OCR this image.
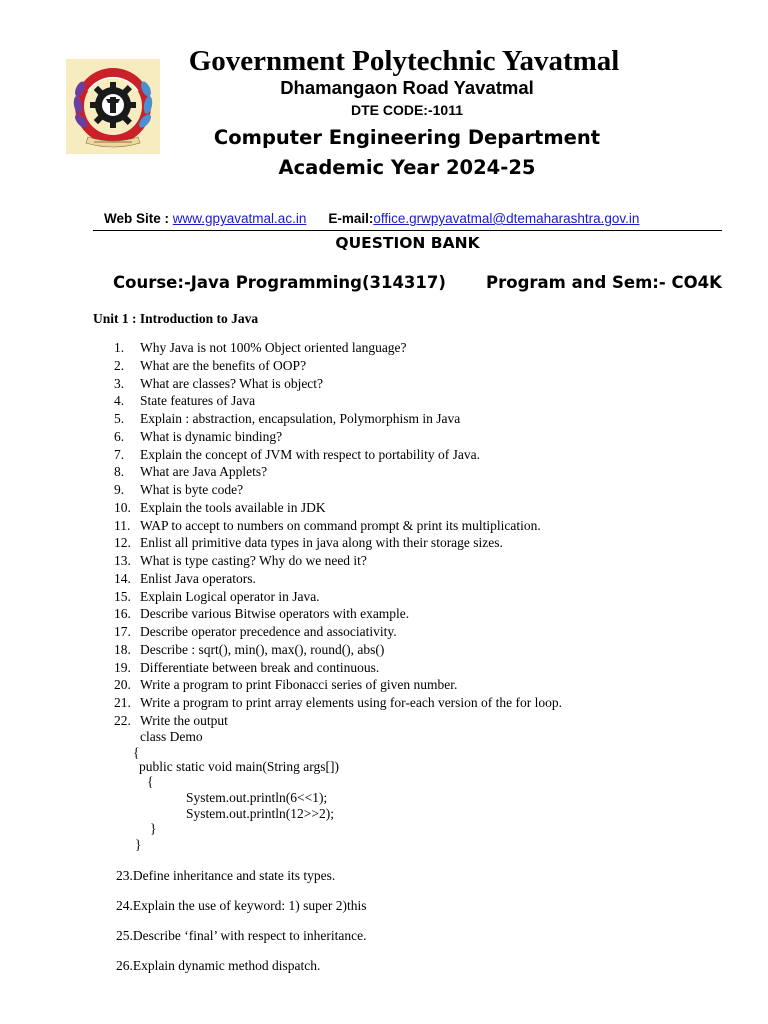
Government Polytechnic Yavatmal
Dhamangaon Road Yavatmal
DTE CODE:-1011
Computer Engineering Department
Academic Year 2024-25
Web Site : www.gpyavatmal.ac.in E-mail:office.grwpyavatmal@dtemaharashtra.gov.in
QUESTION BANK
Course:-Java Programming(314317) Program and Sem:- CO4K
Unit 1 : Introduction to Java
1.	Why Java is not 100% Object oriented language?
2.	What are the benefits of OOP?
3.	What are classes? What is object?
4.	State features of Java
5.	Explain : abstraction, encapsulation, Polymorphism in Java
6.	What is dynamic binding?
7.	Explain the concept of JVM with respect to portability of Java.
8.	What are Java Applets?
9.	What is byte code?
10. Explain the tools available in JDK
11. WAP to accept to numbers on command prompt & print its multiplication.
12. Enlist all primitive data types in java along with their storage sizes.
13. What is type casting? Why do we need it?
14. Enlist Java operators.
15. Explain Logical operator in Java.
16. Describe various Bitwise operators with example.
17. Describe operator precedence and associativity.
18. Describe : sqrt(), min(), max(), round(), abs()
19. Differentiate between break and continuous.
20. Write a program to print Fibonacci series of given number.
21. Write a program to print array elements using for-each version of the for loop.
22. Write the output
class Demo
{
public static void main(String args[])
{
System.out.println(6<<1);
System.out.println(12>>2);
}
}
23.Define inheritance and state its types.
24.Explain the use of keyword: 1) super 2)this
25.Describe ‘final’ with respect to inheritance.
26.Explain dynamic method dispatch.
